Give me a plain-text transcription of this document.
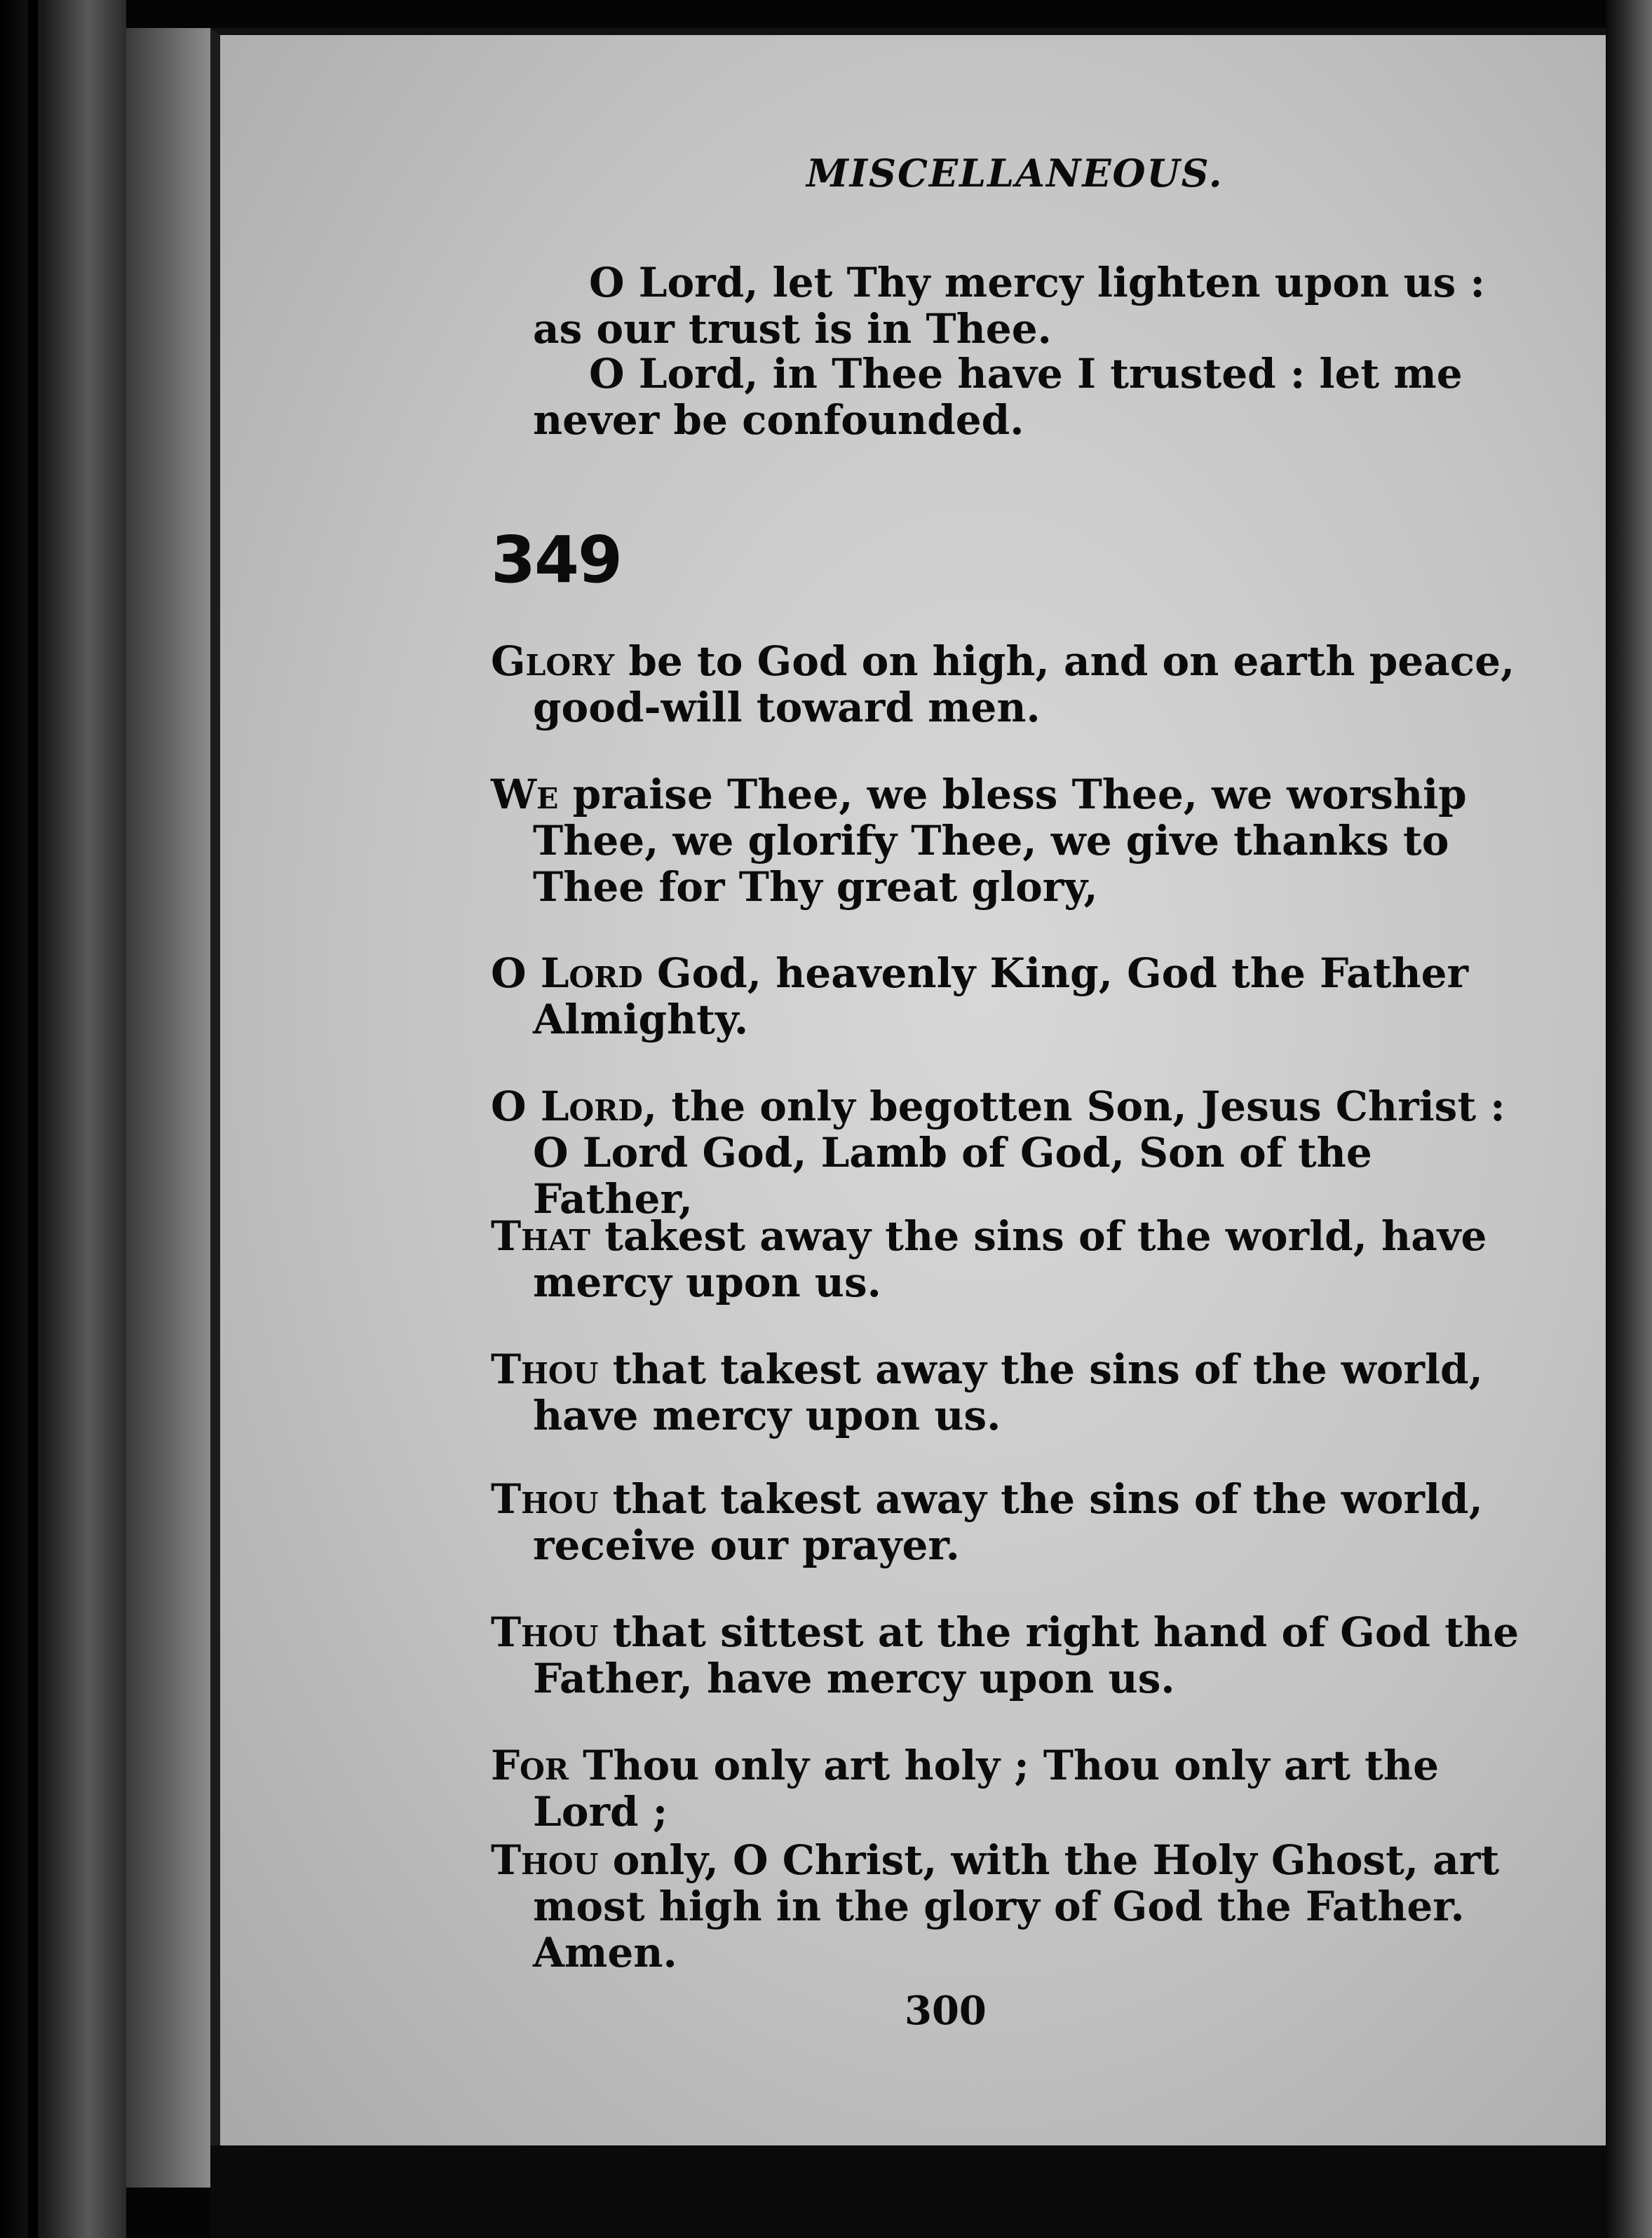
MISCELLANEOUS.

O Lord, let Thy mercy lighten upon us : as our trust is in Thee.

O Lord, in Thee have I trusted : let me never be confounded.

349

Glory be to God on high, and on earth peace, good-will toward men.

We praise Thee, we bless Thee, we worship Thee, we glorify Thee, we give thanks to Thee for Thy great glory,

O Lord God, heavenly King, God the Father Almighty.

O Lord, the only begotten Son, Jesus Christ : O Lord God, Lamb of God, Son of the Father,

That takest away the sins of the world, have mercy upon us.

Thou that takest away the sins of the world, have mercy upon us.

Thou that takest away the sins of the world, receive our prayer.

Thou that sittest at the right hand of God the Father, have mercy upon us.

For Thou only art holy ; Thou only art the Lord ;

Thou only, O Christ, with the Holy Ghost, art most high in the glory of God the Father. Amen.

300
